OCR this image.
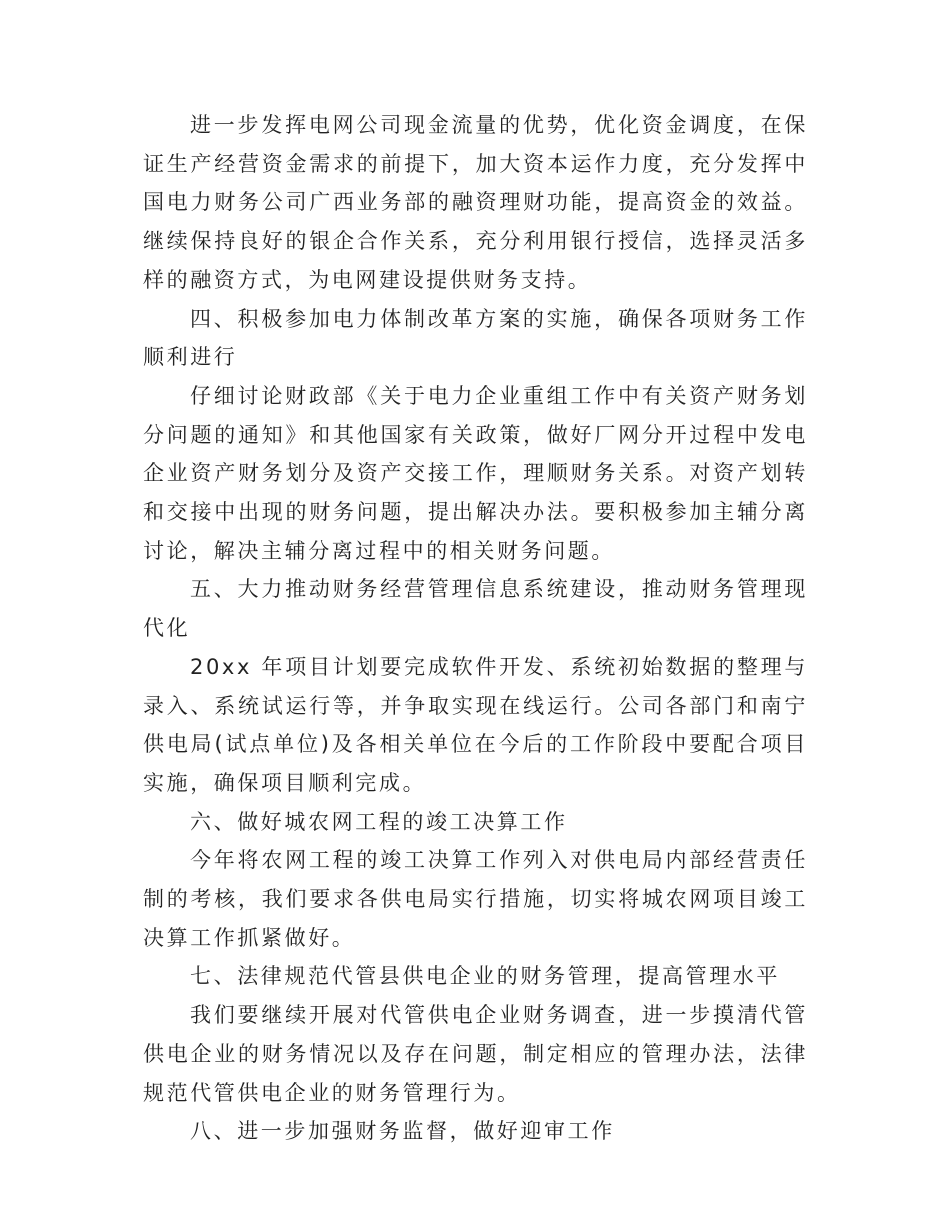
进一步发挥电网公司现金流量的优势，优化资金调度，在保证生产经营资金需求的前提下，加大资本运作力度，充分发挥中国电力财务公司广西业务部的融资理财功能，提高资金的效益。继续保持良好的银企合作关系，充分利用银行授信，选择灵活多样的融资方式，为电网建设提供财务支持。

四、积极参加电力体制改革方案的实施，确保各项财务工作顺利进行

仔细讨论财政部《关于电力企业重组工作中有关资产财务划分问题的通知》和其他国家有关政策，做好厂网分开过程中发电企业资产财务划分及资产交接工作，理顺财务关系。对资产划转和交接中出现的财务问题，提出解决办法。要积极参加主辅分离讨论，解决主辅分离过程中的相关财务问题。

五、大力推动财务经营管理信息系统建设，推动财务管理现代化

20xx 年项目计划要完成软件开发、系统初始数据的整理与录入、系统试运行等，并争取实现在线运行。公司各部门和南宁供电局(试点单位)及各相关单位在今后的工作阶段中要配合项目实施，确保项目顺利完成。

六、做好城农网工程的竣工决算工作

今年将农网工程的竣工决算工作列入对供电局内部经营责任制的考核，我们要求各供电局实行措施，切实将城农网项目竣工决算工作抓紧做好。

七、法律规范代管县供电企业的财务管理，提高管理水平

我们要继续开展对代管供电企业财务调查，进一步摸清代管供电企业的财务情况以及存在问题，制定相应的管理办法，法律规范代管供电企业的财务管理行为。

八、进一步加强财务监督，做好迎审工作
